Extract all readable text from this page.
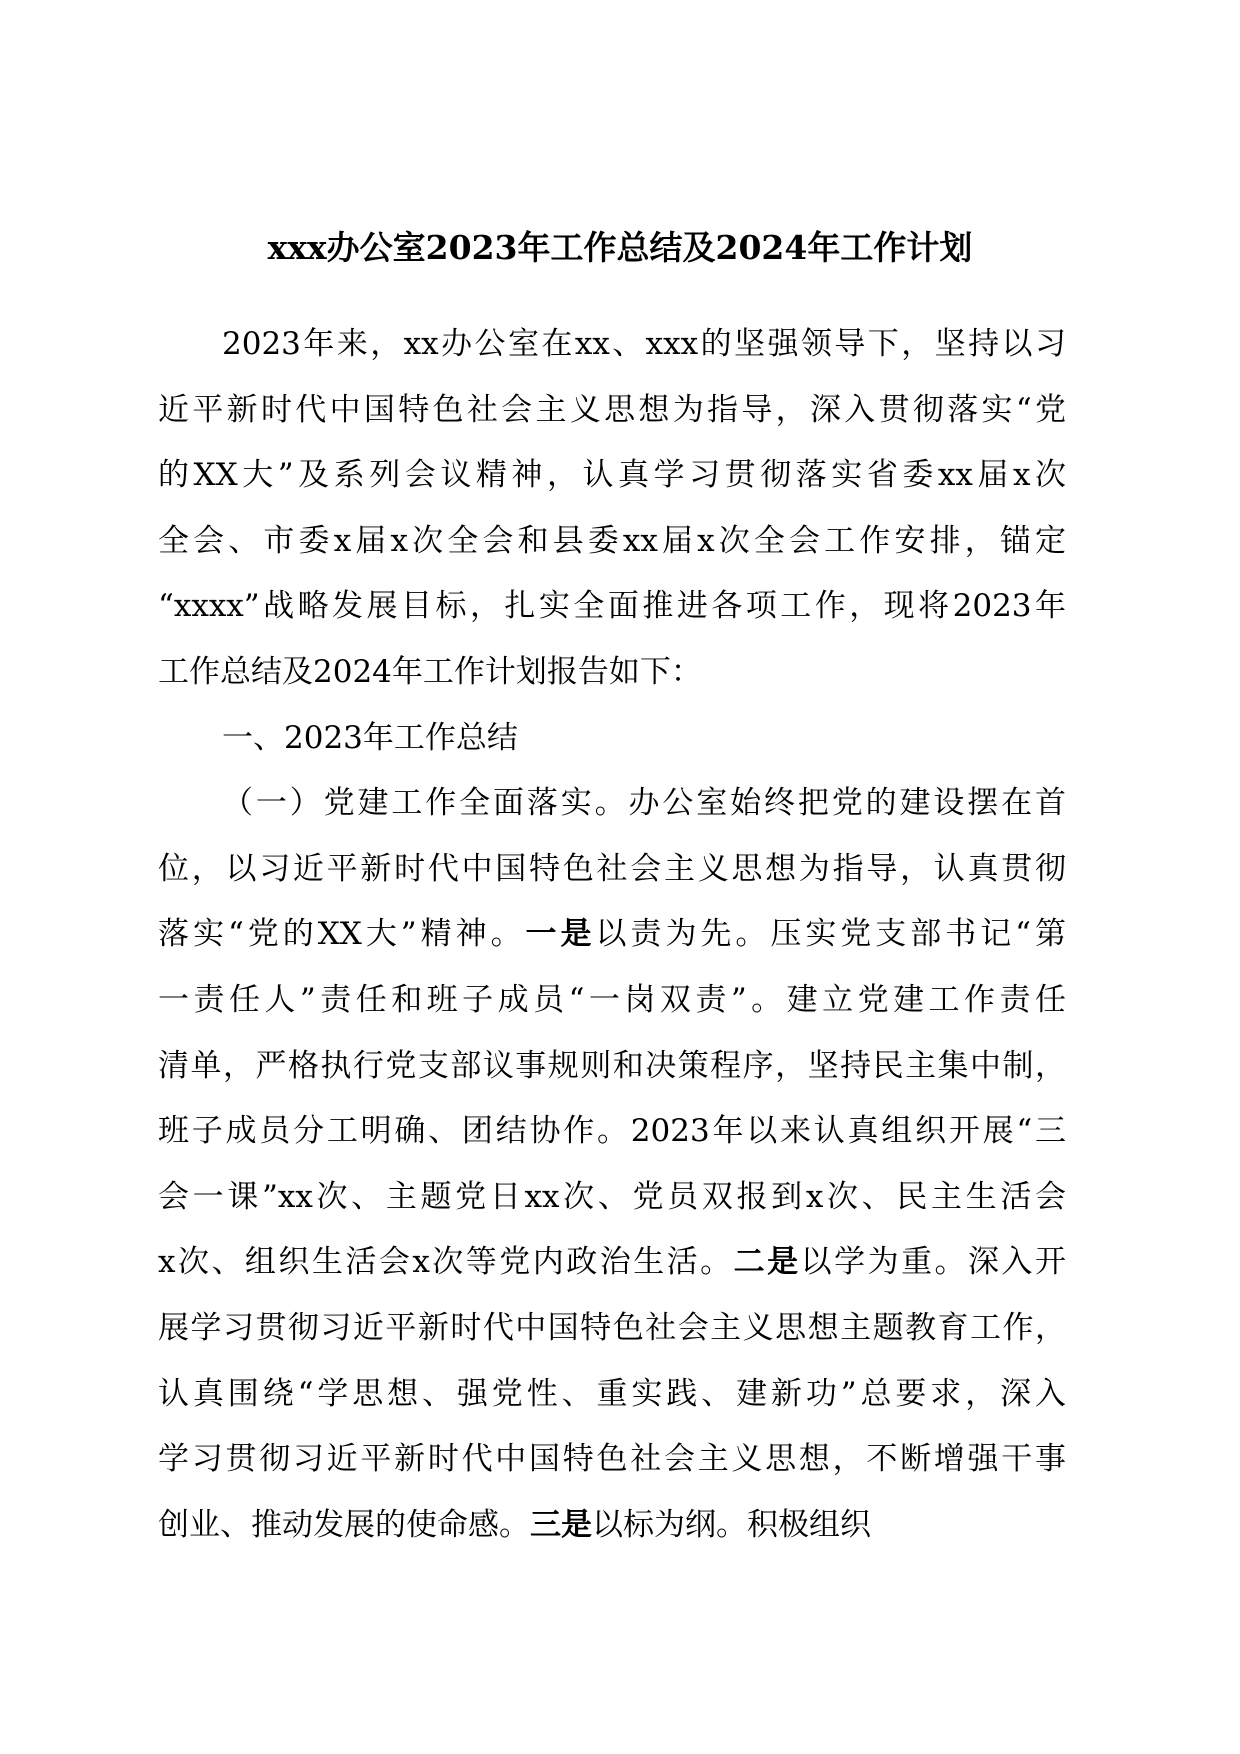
xxx办公室2023年工作总结及2024年工作计划
2023年来，xx办公室在xx、xxx的坚强领导下，坚持以习
近平新时代中国特色社会主义思想为指导，深入贯彻落实“党
的XX大”及系列会议精神，认真学习贯彻落实省委xx届x次
全会、市委x届x次全会和县委xx届x次全会工作安排，锚定
“xxxx”战略发展目标，扎实全面推进各项工作，现将2023年
工作总结及2024年工作计划报告如下：
一、2023年工作总结
（一）党建工作全面落实。办公室始终把党的建设摆在首
位，以习近平新时代中国特色社会主义思想为指导，认真贯彻
落实“党的XX大”精神。一是以责为先。压实党支部书记“第
一责任人”责任和班子成员“一岗双责”。建立党建工作责任
清单，严格执行党支部议事规则和决策程序，坚持民主集中制，
班子成员分工明确、团结协作。2023年以来认真组织开展“三
会一课”xx次、主题党日xx次、党员双报到x次、民主生活会
x次、组织生活会x次等党内政治生活。二是以学为重。深入开
展学习贯彻习近平新时代中国特色社会主义思想主题教育工作，
认真围绕“学思想、强党性、重实践、建新功”总要求，深入
学习贯彻习近平新时代中国特色社会主义思想，不断增强干事
创业、推动发展的使命感。三是以标为纲。积极组织
